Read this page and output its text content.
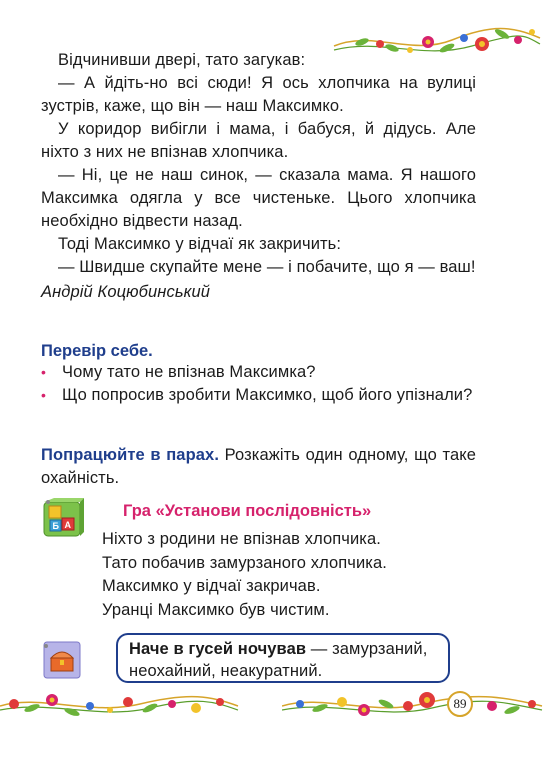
Відчинивши двері, тато загукав:

— А йдіть-но всі сюди! Я ось хлопчика на вулиці зустрів, каже, що він — наш Максимко.

У коридор вибігли і мама, і бабуся, й дідусь. Але ніхто з них не впізнав хлопчика.

— Ні, це не наш синок, — сказала мама. Я нашого Максимка одягла у все чистеньке. Цього хлопчика необхідно відвести назад.

Тоді Максимко у відчаї як закричить:

— Швидше скупайте мене — і побачите, що я — ваш!

Андрій Коцюбинський

Перевір себе.

• Чому тато не впізнав Максимка?

• Що попросив зробити Максимко, щоб його упізнали?

Попрацюйте в парах. Розкажіть один одному, що таке охайність.

А
Б
Гра «Установи послідовність»

Ніхто з родини не впізнав хлопчика.

Тато побачив замурзаного хлопчика.

Максимко у відчаї закричав.

Уранці Максимко був чистим.

Наче в гусей ночував — замурзаний, неохайний, неакуратний.

89
